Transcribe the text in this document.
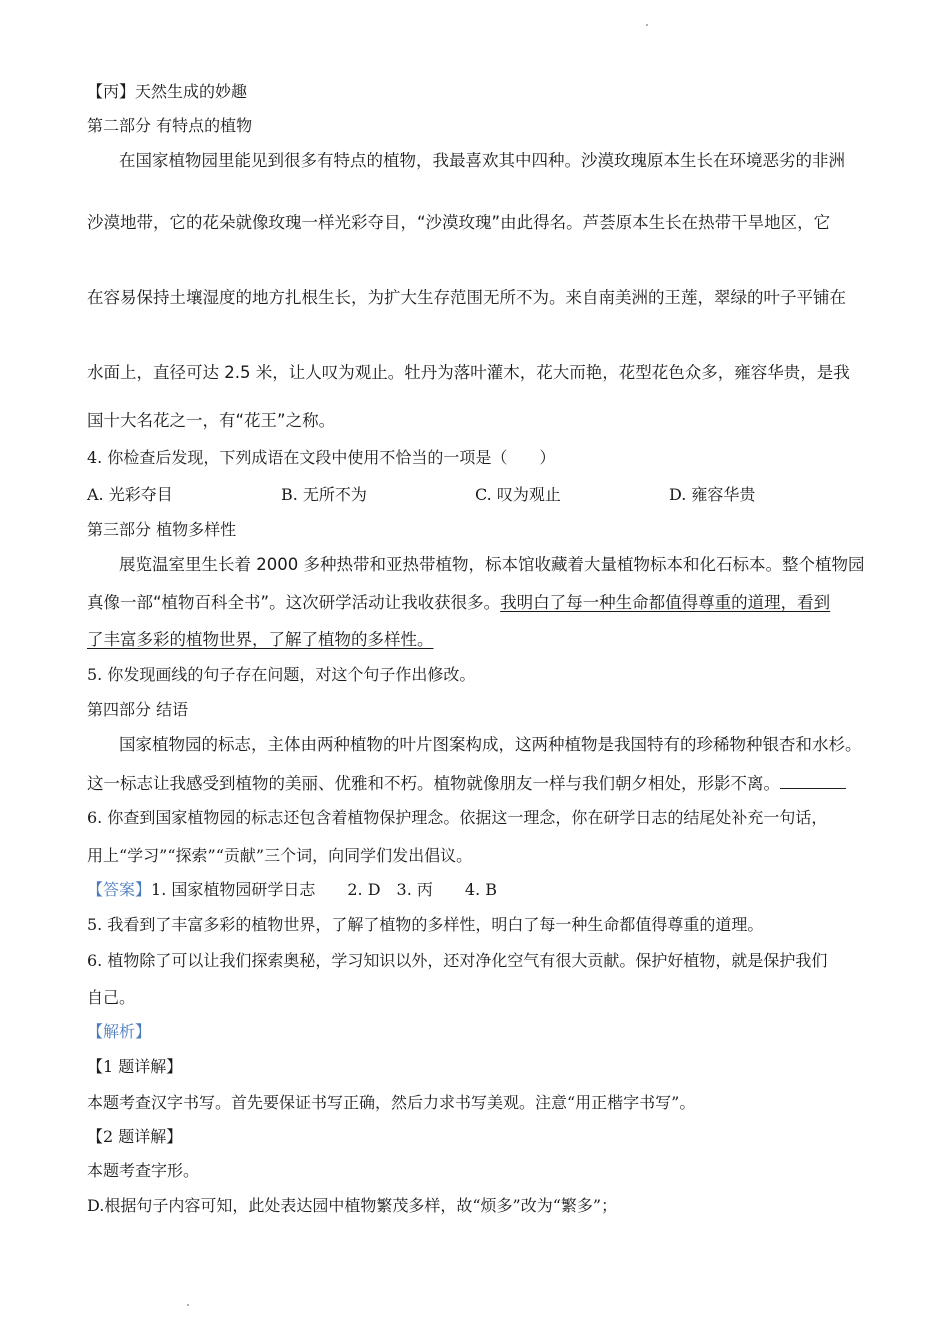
【丙】天然生成的妙趣
第二部分 有特点的植物
在国家植物园里能见到很多有特点的植物，我最喜欢其中四种。沙漠玫瑰原本生长在环境恶劣的非洲
沙漠地带，它的花朵就像玫瑰一样光彩夺目，“沙漠玫瑰”由此得名。芦荟原本生长在热带干旱地区，它
在容易保持土壤湿度的地方扎根生长，为扩大生存范围无所不为。来自南美洲的王莲，翠绿的叶子平铺在
水面上，直径可达 2.5 米，让人叹为观止。牡丹为落叶灌木，花大而艳，花型花色众多，雍容华贵，是我
国十大名花之一，有“花王”之称。
4. 你检查后发现，下列成语在文段中使用不恰当的一项是（　　）
A. 光彩夺目	B. 无所不为	C. 叹为观止	D. 雍容华贵
第三部分 植物多样性
展览温室里生长着 2000 多种热带和亚热带植物，标本馆收藏着大量植物标本和化石标本。整个植物园
真像一部“植物百科全书”。这次研学活动让我收获很多。我明白了每一种生命都值得尊重的道理，看到
了丰富多彩的植物世界，了解了植物的多样性。
5. 你发现画线的句子存在问题，对这个句子作出修改。
第四部分 结语
国家植物园的标志，主体由两种植物的叶片图案构成，这两种植物是我国特有的珍稀物种银杏和水杉。
这一标志让我感受到植物的美丽、优雅和不朽。植物就像朋友一样与我们朝夕相处，形影不离。
6. 你查到国家植物园的标志还包含着植物保护理念。依据这一理念，你在研学日志的结尾处补充一句话，
用上“学习”“探索”“贡献”三个词，向同学们发出倡议。
【答案】1. 国家植物园研学日志　　2. D　3. 丙　　4. B
5. 我看到了丰富多彩的植物世界，了解了植物的多样性，明白了每一种生命都值得尊重的道理。
6. 植物除了可以让我们探索奥秘，学习知识以外，还对净化空气有很大贡献。保护好植物，就是保护我们
自己。
【解析】
【1 题详解】
本题考查汉字书写。首先要保证书写正确，然后力求书写美观。注意“用正楷字书写”。
【2 题详解】
本题考查字形。
D.根据句子内容可知，此处表达园中植物繁茂多样，故“烦多”改为“繁多”；
